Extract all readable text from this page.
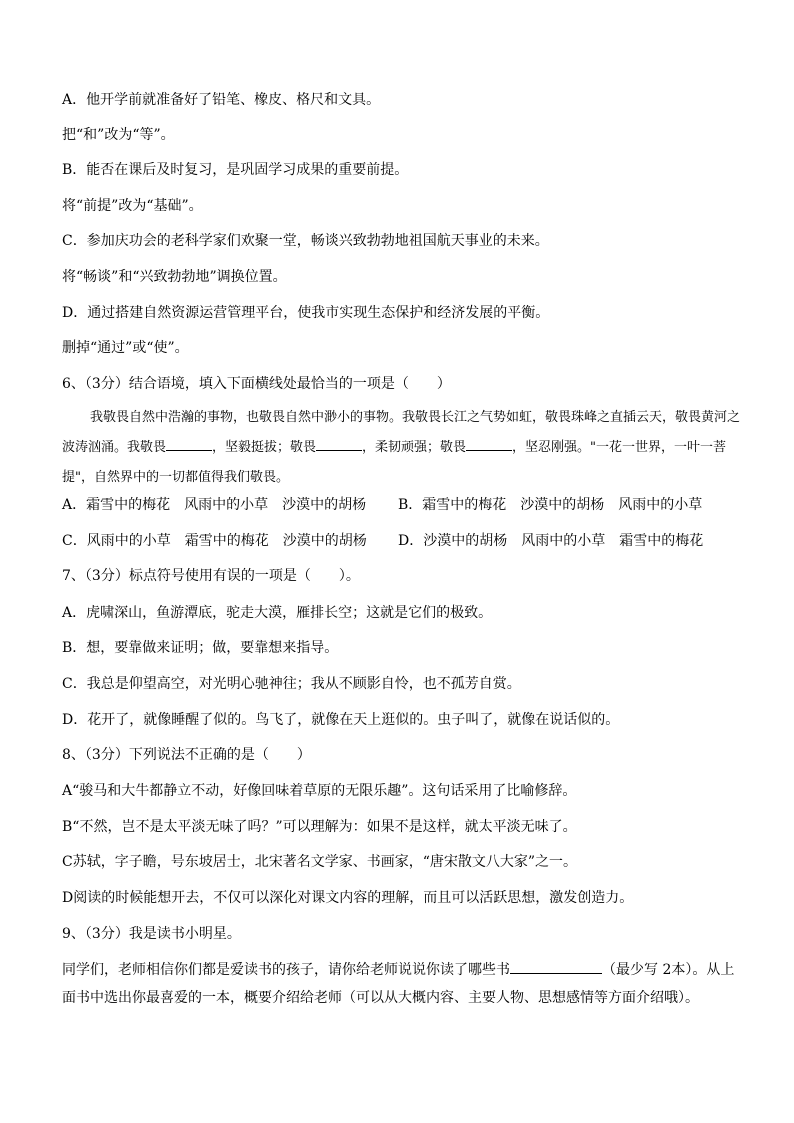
A．他开学前就准备好了铅笔、橡皮、格尺和文具。
把“和”改为“等”。
B．能否在课后及时复习，是巩固学习成果的重要前提。
将“前提”改为“基础”。
C．参加庆功会的老科学家们欢聚一堂，畅谈兴致勃勃地祖国航天事业的未来。
将“畅谈”和“兴致勃勃地”调换位置。
D．通过搭建自然资源运营管理平台，使我市实现生态保护和经济发展的平衡。
删掉“通过”或“使”。
6、（3分）结合语境，填入下面横线处最恰当的一项是（　　）
我敬畏自然中浩瀚的事物，也敬畏自然中渺小的事物。我敬畏长江之气势如虹，敬畏珠峰之直插云天，敬畏黄河之波涛汹涌。我敬畏	，坚毅挺拔；敬畏	，柔韧顽强；敬畏	，坚忍刚强。"一花一世界，一叶一菩提"，自然界中的一切都值得我们敬畏。
A．霜雪中的梅花 风雨中的小草 沙漠中的胡杨	B．霜雪中的梅花 沙漠中的胡杨 风雨中的小草
C．风雨中的小草 霜雪中的梅花 沙漠中的胡杨	D．沙漠中的胡杨 风雨中的小草 霜雪中的梅花
7、（3分）标点符号使用有误的一项是（　　）。
A．虎啸深山，鱼游潭底，驼走大漠，雁排长空；这就是它们的极致。
B．想，要靠做来证明；做，要靠想来指导。
C．我总是仰望高空，对光明心驰神往；我从不顾影自怜，也不孤芳自赏。
D．花开了，就像睡醒了似的。鸟飞了，就像在天上逛似的。虫子叫了，就像在说话似的。
8、（3分）下列说法不正确的是（　　）
A“骏马和大牛都静立不动，好像回味着草原的无限乐趣”。这句话采用了比喻修辞。
B“不然，岂不是太平淡无味了吗？”可以理解为：如果不是这样，就太平淡无味了。
C苏轼，字子瞻，号东坡居士，北宋著名文学家、书画家，“唐宋散文八大家”之一。
D阅读的时候能想开去，不仅可以深化对课文内容的理解，而且可以活跃思想，激发创造力。
9、（3分）我是读书小明星。
同学们，老师相信你们都是爱读书的孩子，请你给老师说说你读了哪些书	（最少写 2本）。从上面书中选出你最喜爱的一本，概要介绍给老师（可以从大概内容、主要人物、思想感情等方面介绍哦）。
